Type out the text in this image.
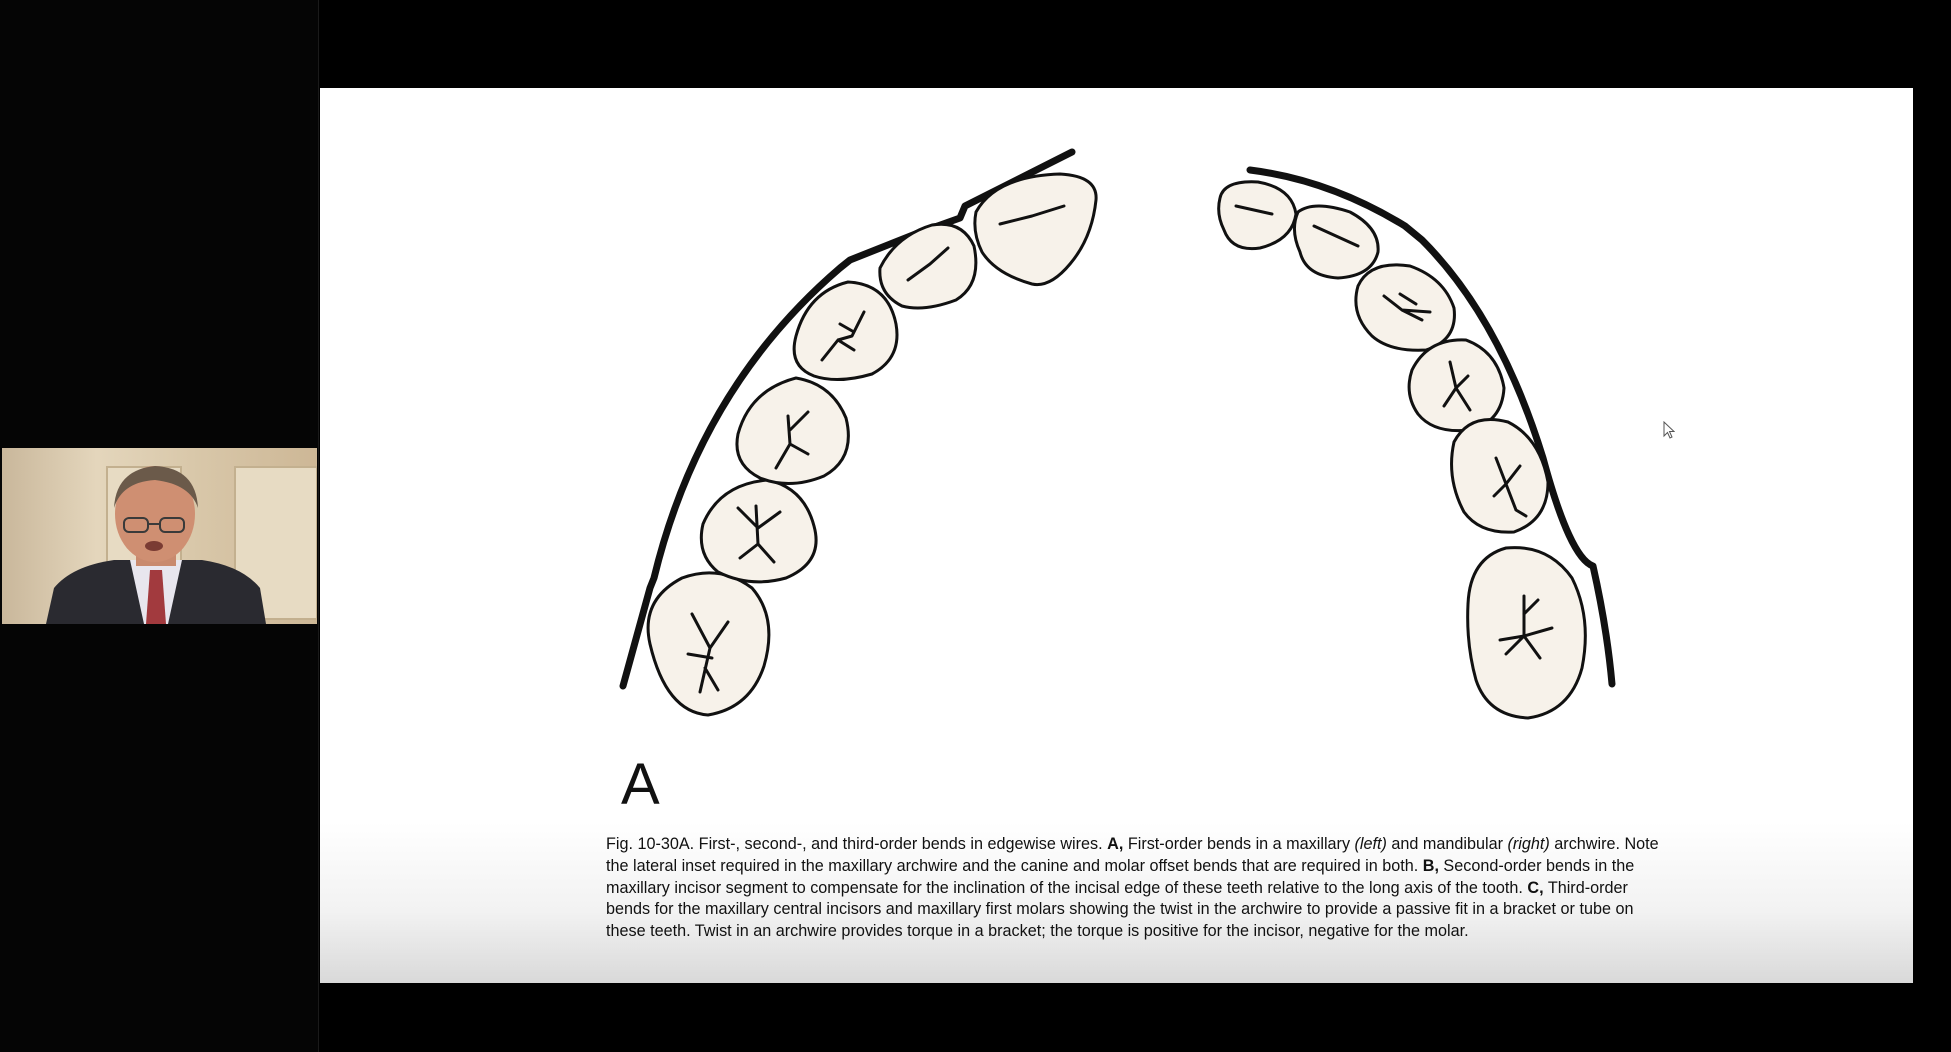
A
Fig. 10-30A. First-, second-, and third-order bends in edgewise wires. A, First-order bends in a maxillary (left) and mandibular (right) archwire. Note the lateral inset required in the maxillary archwire and the canine and molar offset bends that are required in both. B, Second-order bends in the maxillary incisor segment to compensate for the inclination of the incisal edge of these teeth relative to the long axis of the tooth. C, Third-order bends for the maxillary central incisors and maxillary first molars showing the twist in the archwire to provide a passive fit in a bracket or tube on these teeth. Twist in an archwire provides torque in a bracket; the torque is positive for the incisor, negative for the molar.
